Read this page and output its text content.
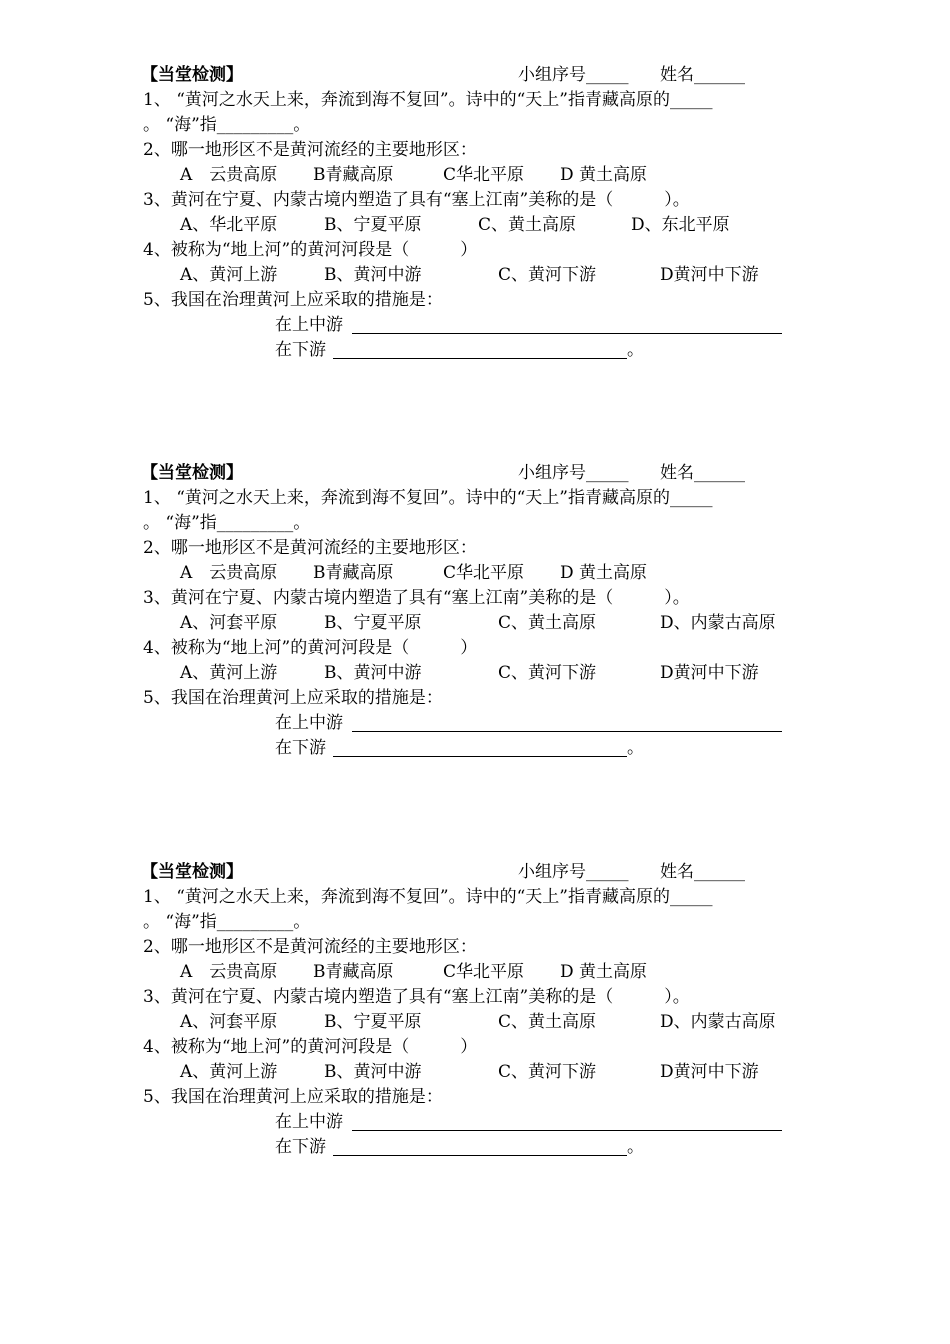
【当堂检测】	小组序号_____ 姓名______
1、 “黄河之水天上来，奔流到海不复回”。诗中的“天上”指青藏高原的_____
。 “海”指_________。
2、哪一地形区不是黄河流经的主要地形区：
A　云贵高原 B青藏高原	C华北平原 D 黄土高原
3、黄河在宁夏、内蒙古境内塑造了具有“塞上江南”美称的是（　　　）。
A、华北平原	B、宁夏平原	C、黄土高原	D、东北平原
4、被称为“地上河”的黄河河段是（　　　）
A、黄河上游	B、黄河中游	C、黄河下游	D黄河中下游
5、我国在治理黄河上应采取的措施是：
在上中游
在下游	。
【当堂检测】	小组序号_____ 姓名______
1、 “黄河之水天上来，奔流到海不复回”。诗中的“天上”指青藏高原的_____
。 “海”指_________。
2、哪一地形区不是黄河流经的主要地形区：
A　云贵高原 B青藏高原	C华北平原 D 黄土高原
3、黄河在宁夏、内蒙古境内塑造了具有“塞上江南”美称的是（　　　）。
A、河套平原	B、宁夏平原	C、黄土高原	D、内蒙古高原
4、被称为“地上河”的黄河河段是（　　　）
A、黄河上游	B、黄河中游	C、黄河下游	D黄河中下游
5、我国在治理黄河上应采取的措施是：
在上中游
在下游	。
【当堂检测】	小组序号_____ 姓名______
1、 “黄河之水天上来，奔流到海不复回”。诗中的“天上”指青藏高原的_____
。 “海”指_________。
2、哪一地形区不是黄河流经的主要地形区：
A　云贵高原 B青藏高原	C华北平原 D 黄土高原
3、黄河在宁夏、内蒙古境内塑造了具有“塞上江南”美称的是（　　　）。
A、河套平原	B、宁夏平原	C、黄土高原	D、内蒙古高原
4、被称为“地上河”的黄河河段是（　　　）
A、黄河上游	B、黄河中游	C、黄河下游	D黄河中下游
5、我国在治理黄河上应采取的措施是：
在上中游
在下游	。
